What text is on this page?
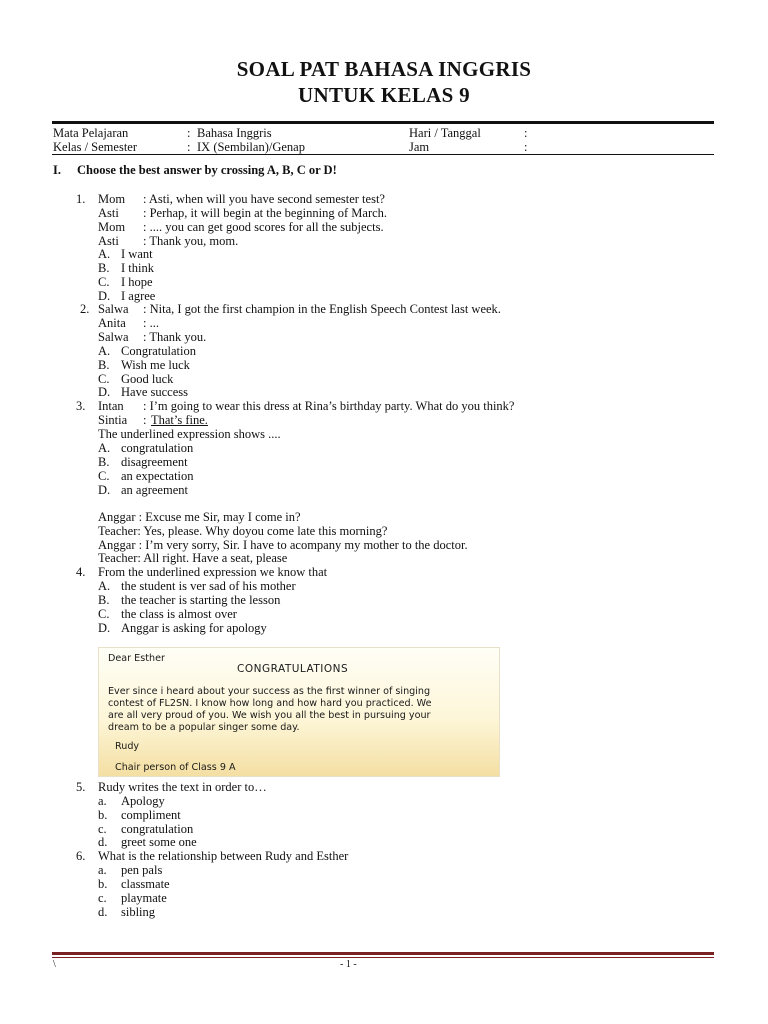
SOAL PAT BAHASA INGGRIS
UNTUK KELAS 9
Mata Pelajaran	: Bahasa Inggris	Hari / Tanggal	:
Kelas / Semester	: IX (Sembilan)/Genap	Jam	:
I. Choose the best answer by crossing A, B, C or D!
1. Mom : Asti, when will you have second semester test?
Asti : Perhap, it will begin at the beginning of March.
Mom : .... you can get good scores for all the subjects.
Asti : Thank you, mom.
A. I want
B. I think
C. I hope
D. I agree
2. Salwa : Nita, I got the first champion in the English Speech Contest last week.
Anita : ...
Salwa : Thank you.
A. Congratulation
B. Wish me luck
C. Good luck
D. Have success
3. Intan : I’m going to wear this dress at Rina’s birthday party. What do you think?
Sintia : That’s fine.
The underlined expression shows ....
A. congratulation
B. disagreement
C. an expectation
D. an agreement
Anggar : Excuse me Sir, may I come in?
Teacher: Yes, please. Why doyou come late this morning?
Anggar : I’m very sorry, Sir. I have to acompany my mother to the doctor.
Teacher: All right. Have a seat, please
4. From the underlined expression we know that
A. the student is ver sad of his mother
B. the teacher is starting the lesson
C. the class is almost over
D. Anggar is asking for apology
Dear Esther
CONGRATULATIONS
Ever since i heard about your success as the first winner of singing
contest of FL2SN. I know how long and how hard you practiced. We
are all very proud of you. We wish you all the best in pursuing your
dream to be a popular singer some day.
Rudy
Chair person of Class 9 A
5. Rudy writes the text in order to…
a. Apology
b. compliment
c. congratulation
d. greet some one
6. What is the relationship between Rudy and Esther
a. pen pals
b. classmate
c. playmate
d. sibling
\	- 1 -
